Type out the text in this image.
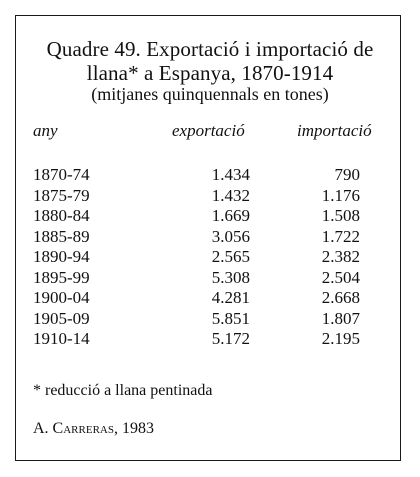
Quadre 49. Exportació i importació de
llana* a Espanya, 1870-1914
(mitjanes quinquennals en tones)
any	exportació	importació
1870-74	1.434	790
1875-79	1.432	1.176
1880-84	1.669	1.508
1885-89	3.056	1.722
1890-94	2.565	2.382
1895-99	5.308	2.504
1900-04	4.281	2.668
1905-09	5.851	1.807
1910-14	5.172	2.195
* reducció a llana pentinada
A. Carreras, 1983
